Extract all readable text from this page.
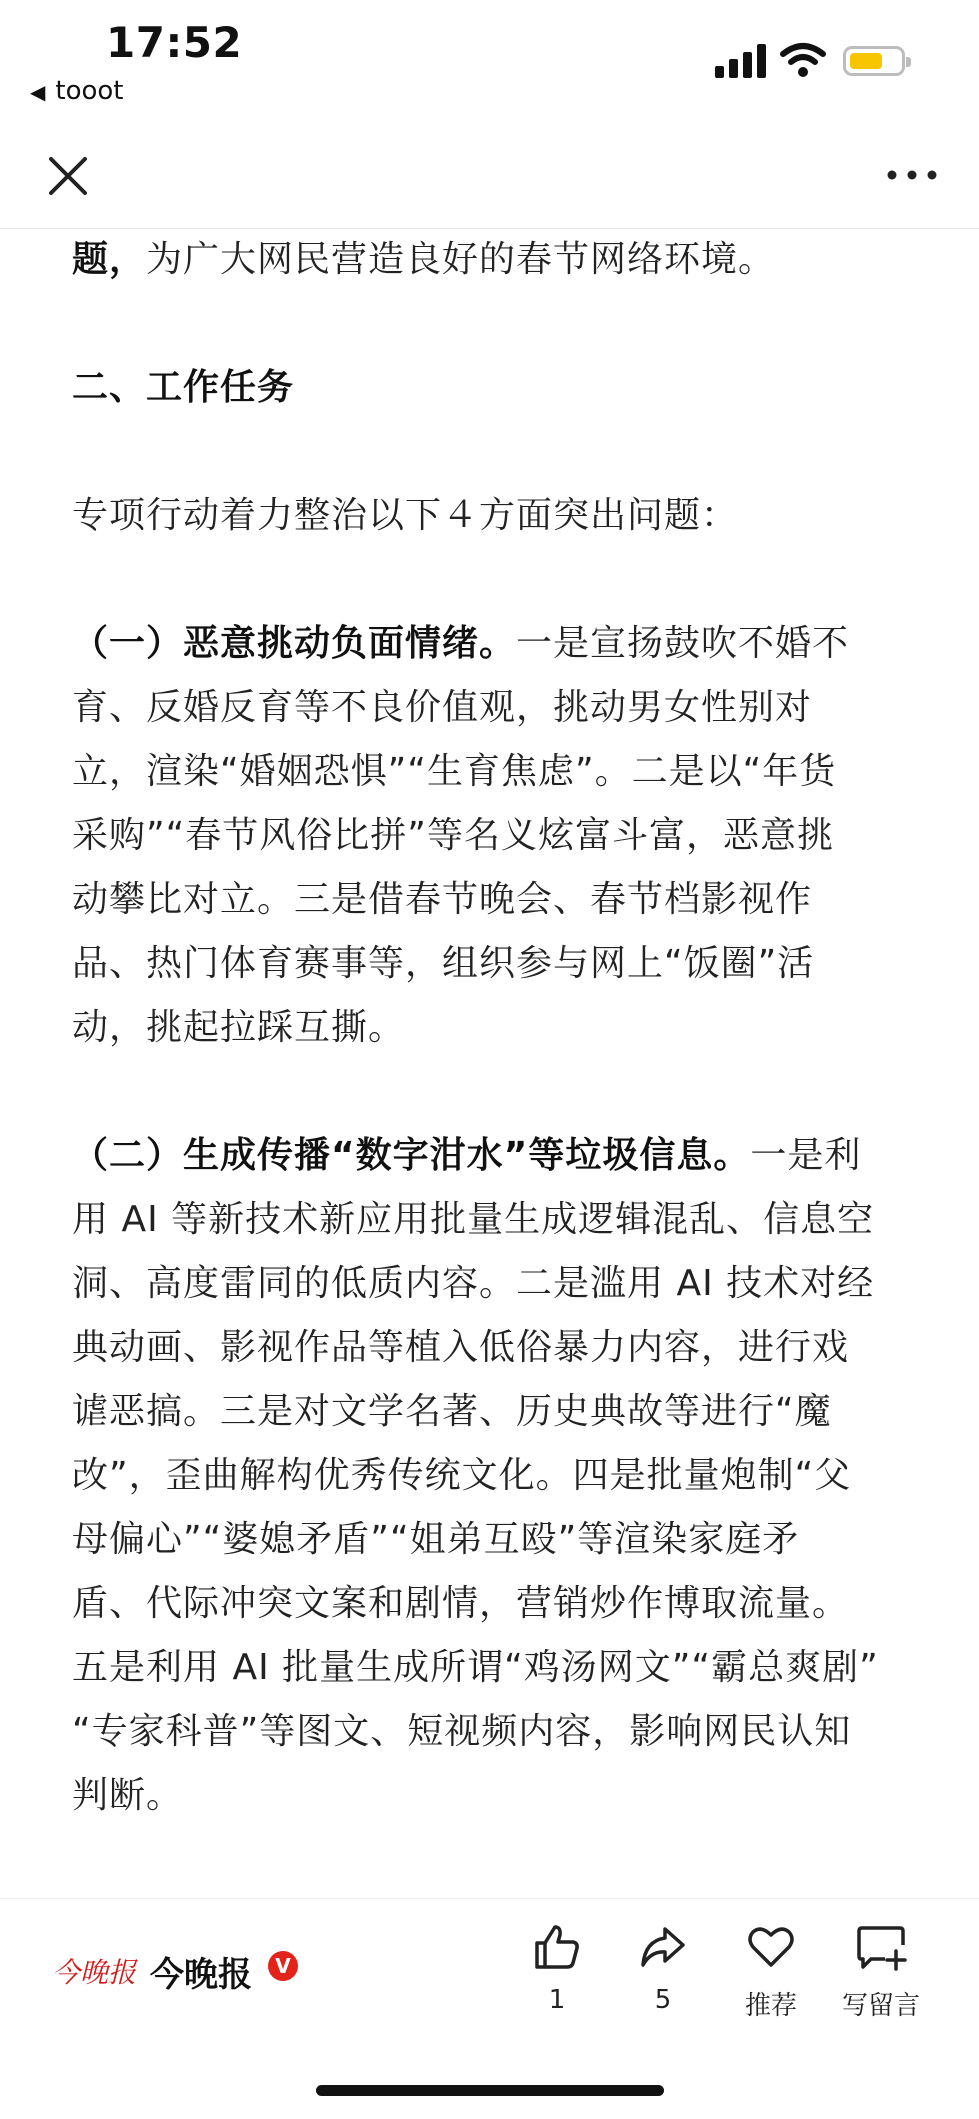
17:52
◀ tooot
题，为广大网民营造良好的春节网络环境。

二、工作任务

专项行动着力整治以下４方面突出问题：

（一）恶意挑动负面情绪。一是宣扬鼓吹不婚不
育、反婚反育等不良价值观，挑动男女性别对
立，渲染“婚姻恐惧”“生育焦虑”。二是以“年货
采购”“春节风俗比拼”等名义炫富斗富，恶意挑
动攀比对立。三是借春节晚会、春节档影视作
品、热门体育赛事等，组织参与网上“饭圈”活
动，挑起拉踩互撕。

（二）生成传播“数字泔水”等垃圾信息。一是利
用 AI 等新技术新应用批量生成逻辑混乱、信息空
洞、高度雷同的低质内容。二是滥用 AI 技术对经
典动画、影视作品等植入低俗暴力内容，进行戏
谑恶搞。三是对文学名著、历史典故等进行“魔
改”，歪曲解构优秀传统文化。四是批量炮制“父
母偏心”“婆媳矛盾”“姐弟互殴”等渲染家庭矛
盾、代际冲突文案和剧情，营销炒作博取流量。
五是利用 AI 批量生成所谓“鸡汤网文”“霸总爽剧”
“专家科普”等图文、短视频内容，影响网民认知
判断。
今晚报 今晚报	V
1	5	推荐	写留言
